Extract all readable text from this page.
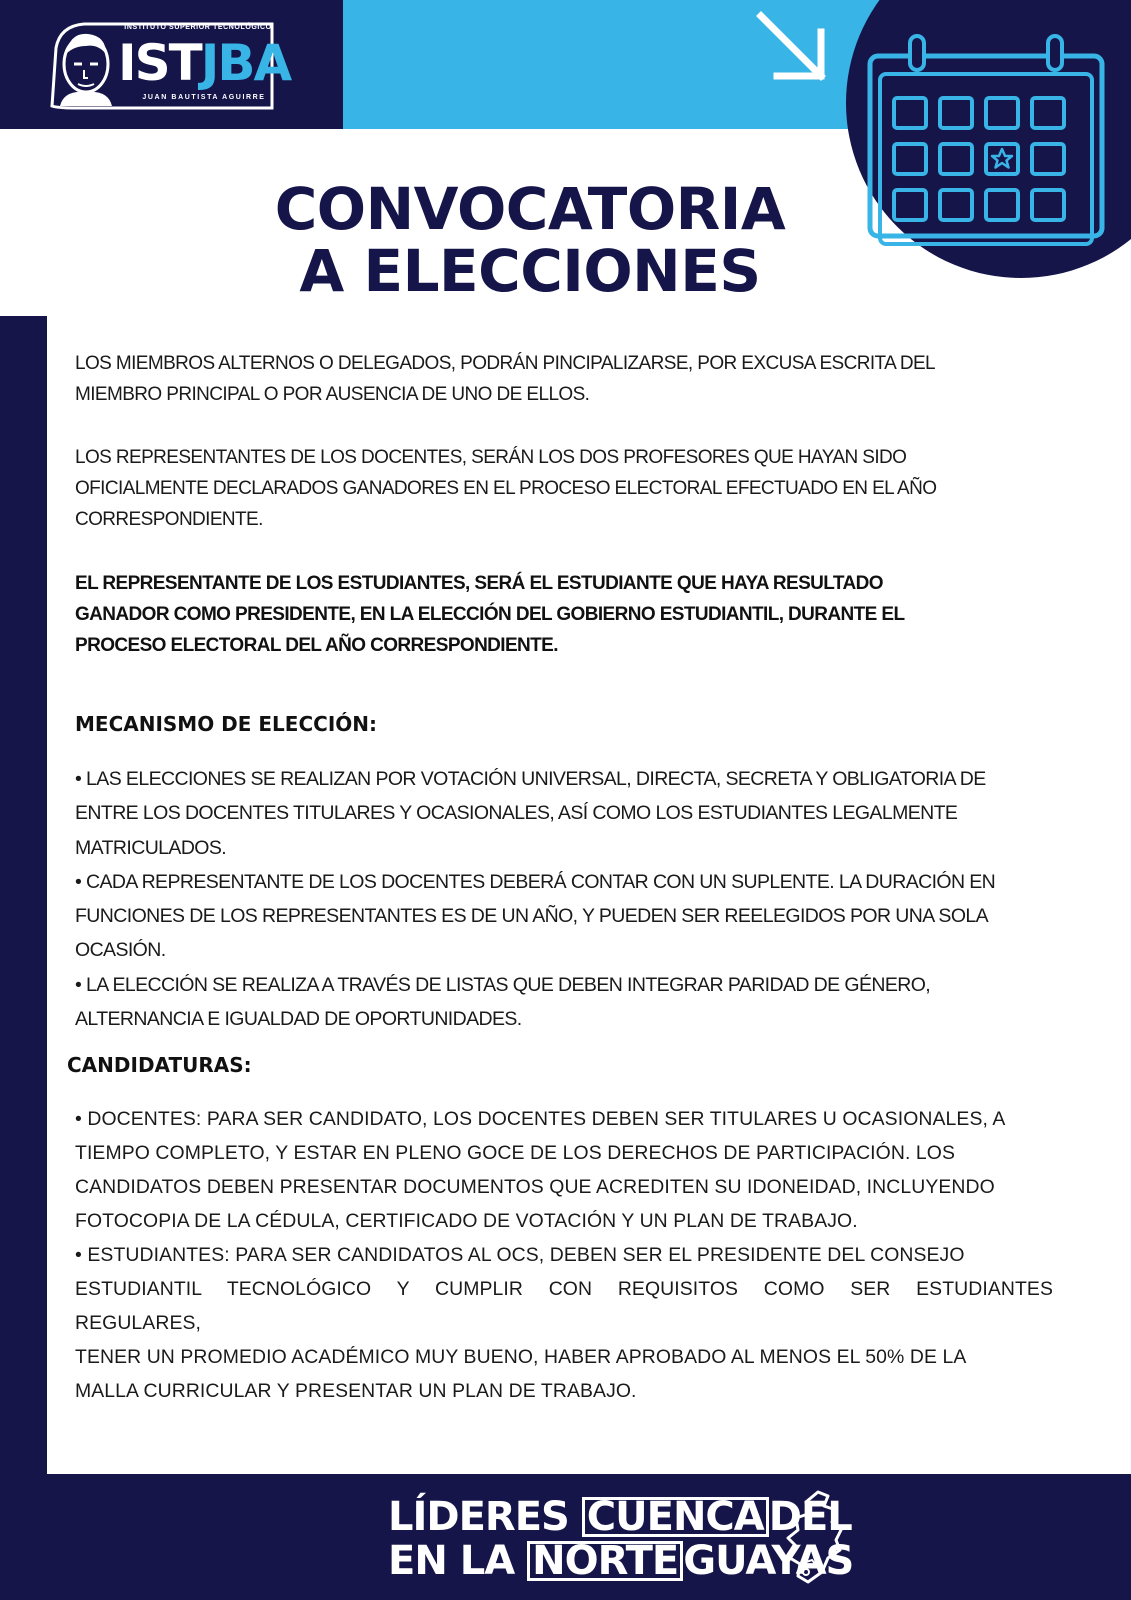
INSTITUTO SUPERIOR TECNOLÓGICO
ISTJBA
JUAN BAUTISTA AGUIRRE
CONVOCATORIA
A ELECCIONES
LOS MIEMBROS ALTERNOS O DELEGADOS, PODRÁN PINCIPALIZARSE, POR EXCUSA ESCRITA DEL
MIEMBRO PRINCIPAL O POR AUSENCIA DE UNO DE ELLOS.
LOS REPRESENTANTES DE LOS DOCENTES, SERÁN LOS DOS PROFESORES QUE HAYAN SIDO
OFICIALMENTE DECLARADOS GANADORES EN EL PROCESO ELECTORAL EFECTUADO EN EL AÑO
CORRESPONDIENTE.
EL REPRESENTANTE DE LOS ESTUDIANTES, SERÁ EL ESTUDIANTE QUE HAYA RESULTADO
GANADOR COMO PRESIDENTE, EN LA ELECCIÓN DEL GOBIERNO ESTUDIANTIL, DURANTE EL
PROCESO ELECTORAL DEL AÑO CORRESPONDIENTE.
MECANISMO DE ELECCIÓN:
• LAS ELECCIONES SE REALIZAN POR VOTACIÓN UNIVERSAL, DIRECTA, SECRETA Y OBLIGATORIA DE
ENTRE LOS DOCENTES TITULARES Y OCASIONALES, ASÍ COMO LOS ESTUDIANTES LEGALMENTE
MATRICULADOS.
• CADA REPRESENTANTE DE LOS DOCENTES DEBERÁ CONTAR CON UN SUPLENTE. LA DURACIÓN EN
FUNCIONES DE LOS REPRESENTANTES ES DE UN AÑO, Y PUEDEN SER REELEGIDOS POR UNA SOLA
OCASIÓN.
• LA ELECCIÓN SE REALIZA A TRAVÉS DE LISTAS QUE DEBEN INTEGRAR PARIDAD DE GÉNERO,
ALTERNANCIA E IGUALDAD DE OPORTUNIDADES.
CANDIDATURAS:
• DOCENTES: PARA SER CANDIDATO, LOS DOCENTES DEBEN SER TITULARES U OCASIONALES, A
TIEMPO COMPLETO, Y ESTAR EN PLENO GOCE DE LOS DERECHOS DE PARTICIPACIÓN. LOS
CANDIDATOS DEBEN PRESENTAR DOCUMENTOS QUE ACREDITEN SU IDONEIDAD, INCLUYENDO
FOTOCOPIA DE LA CÉDULA, CERTIFICADO DE VOTACIÓN Y UN PLAN DE TRABAJO.
• ESTUDIANTES: PARA SER CANDIDATOS AL OCS, DEBEN SER EL PRESIDENTE DEL CONSEJO
ESTUDIANTIL TECNOLÓGICO Y CUMPLIR CON REQUISITOS COMO SER ESTUDIANTES
REGULARES,
TENER UN PROMEDIO ACADÉMICO MUY BUENO, HABER APROBADO AL MENOS EL 50% DE LA
MALLA CURRICULAR Y PRESENTAR UN PLAN DE TRABAJO.
LÍDERES CUENCA DEL
EN LA NORTE GUAYAS
